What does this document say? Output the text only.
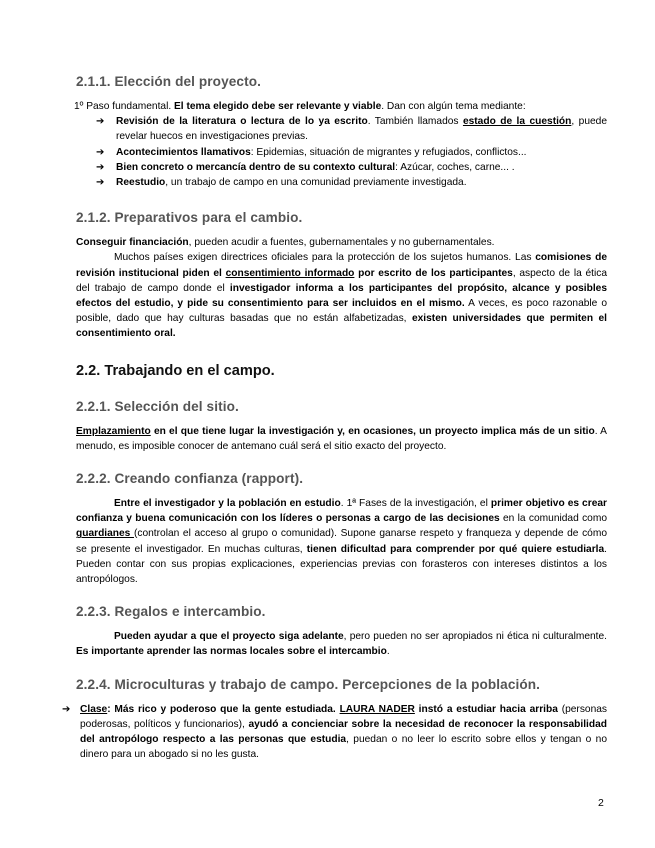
2.1.1. Elección del proyecto.

1º Paso fundamental. El tema elegido debe ser relevante y viable. Dan con algún tema mediante:

➔ Revisión de la literatura o lectura de lo ya escrito. También llamados estado de la cuestión, puede revelar huecos en investigaciones previas.
➔ Acontecimientos llamativos: Epidemias, situación de migrantes y refugiados, conflictos...
➔ Bien concreto o mercancía dentro de su contexto cultural: Azúcar, coches, carne... .
➔ Reestudio, un trabajo de campo en una comunidad previamente investigada.
2.1.2. Preparativos para el cambio.

Conseguir financiación, pueden acudir a fuentes, gubernamentales y no gubernamentales.

Muchos países exigen directrices oficiales para la protección de los sujetos humanos. Las comisiones de revisión institucional piden el consentimiento informado por escrito de los participantes, aspecto de la ética del trabajo de campo donde el investigador informa a los participantes del propósito, alcance y posibles efectos del estudio, y pide su consentimiento para ser incluidos en el mismo. A veces, es poco razonable o posible, dado que hay culturas basadas que no están alfabetizadas, existen universidades que permiten el consentimiento oral.

2.2. Trabajando en el campo.
2.2.1. Selección del sitio.

Emplazamiento en el que tiene lugar la investigación y, en ocasiones, un proyecto implica más de un sitio. A menudo, es imposible conocer de antemano cuál será el sitio exacto del proyecto.

2.2.2. Creando confianza (rapport).

Entre el investigador y la población en estudio. 1ª Fases de la investigación, el primer objetivo es crear confianza y buena comunicación con los líderes o personas a cargo de las decisiones en la comunidad como guardianes (controlan el acceso al grupo o comunidad). Supone ganarse respeto y franqueza y depende de cómo se presente el investigador. En muchas culturas, tienen dificultad para comprender por qué quiere estudiarla. Pueden contar con sus propias explicaciones, experiencias previas con forasteros con intereses distintos a los antropólogos.

2.2.3. Regalos e intercambio.

Pueden ayudar a que el proyecto siga adelante, pero pueden no ser apropiados ni ética ni culturalmente. Es importante aprender las normas locales sobre el intercambio.

2.2.4. Microculturas y trabajo de campo. Percepciones de la población.

➔ Clase: Más rico y poderoso que la gente estudiada. LAURA NADER instó a estudiar hacia arriba (personas poderosas, políticos y funcionarios), ayudó a concienciar sobre la necesidad de reconocer la responsabilidad del antropólogo respecto a las personas que estudia, puedan o no leer lo escrito sobre ellos y tengan o no dinero para un abogado si no les gusta.

2
